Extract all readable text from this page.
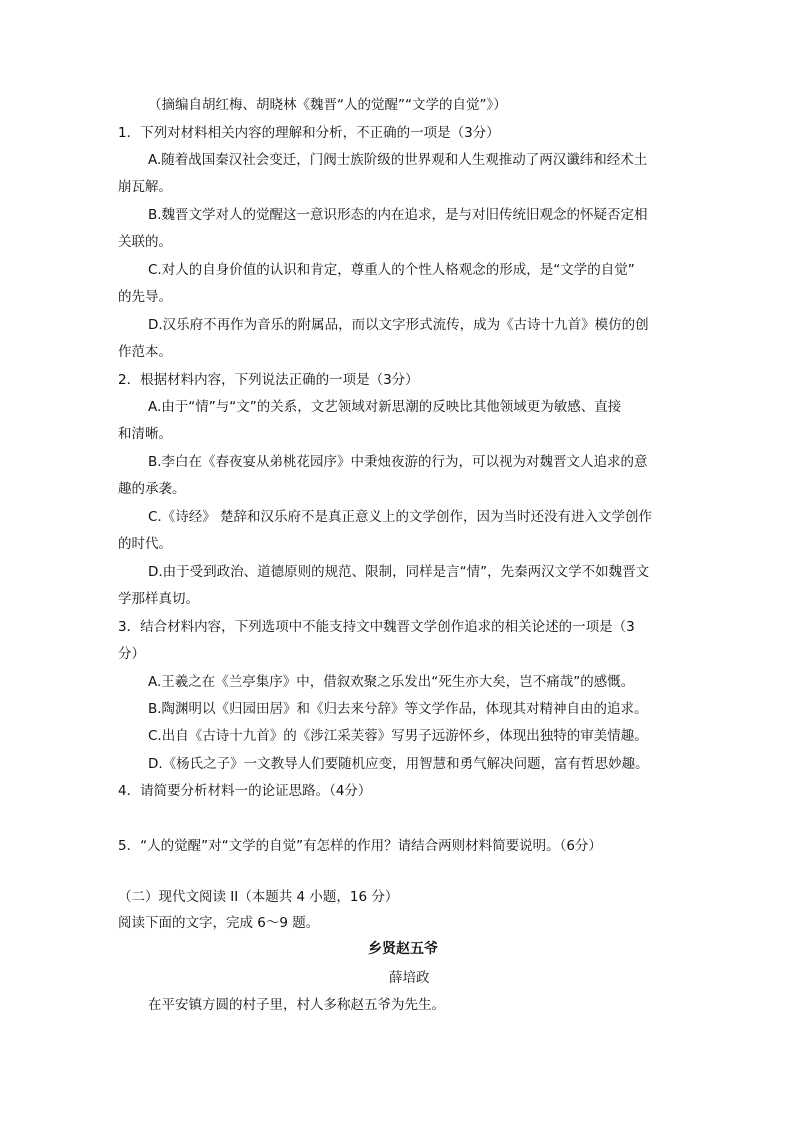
（摘编自胡红梅、胡晓林《魏晋“人的觉醒”“文学的自觉”》）
1．下列对材料相关内容的理解和分析，不正确的一项是（3分）
A.随着战国秦汉社会变迁，门阀士族阶级的世界观和人生观推动了两汉谶纬和经术土
崩瓦解。
B.魏晋文学对人的觉醒这一意识形态的内在追求，是与对旧传统旧观念的怀疑否定相
关联的。
C.对人的自身价值的认识和肯定，尊重人的个性人格观念的形成，是“文学的自觉”
的先导。
D.汉乐府不再作为音乐的附属品，而以文字形式流传，成为《古诗十九首》模仿的创
作范本。
2．根据材料内容，下列说法正确的一项是（3分）
A.由于“情”与“文”的关系，文艺领域对新思潮的反映比其他领域更为敏感、直接
和清晰。
B.李白在《春夜宴从弟桃花园序》中秉烛夜游的行为，可以视为对魏晋文人追求的意
趣的承袭。
C.《诗经》 楚辞和汉乐府不是真正意义上的文学创作，因为当时还没有进入文学创作
的时代。
D.由于受到政治、道德原则的规范、限制，同样是言“情”，先秦两汉文学不如魏晋文
学那样真切。
3．结合材料内容，下列选项中不能支持文中魏晋文学创作追求的相关论述的一项是（3
分）
A.王羲之在《兰亭集序》中，借叙欢聚之乐发出“死生亦大矣，岂不痛哉”的感慨。
B.陶渊明以《归园田居》和《归去来兮辞》等文学作品，体现其对精神自由的追求。
C.出自《古诗十九首》的《涉江采芙蓉》写男子远游怀乡，体现出独特的审美情趣。
D.《杨氏之子》一文教导人们要随机应变，用智慧和勇气解决问题，富有哲思妙趣。
4．请简要分析材料一的论证思路。（4分）
5．“人的觉醒”对“文学的自觉”有怎样的作用？请结合两则材料简要说明。（6分）
（二）现代文阅读 II（本题共 4 小题，16 分）
阅读下面的文字，完成 6～9 题。
乡贤赵五爷
薛培政
在平安镇方圆的村子里，村人多称赵五爷为先生。
